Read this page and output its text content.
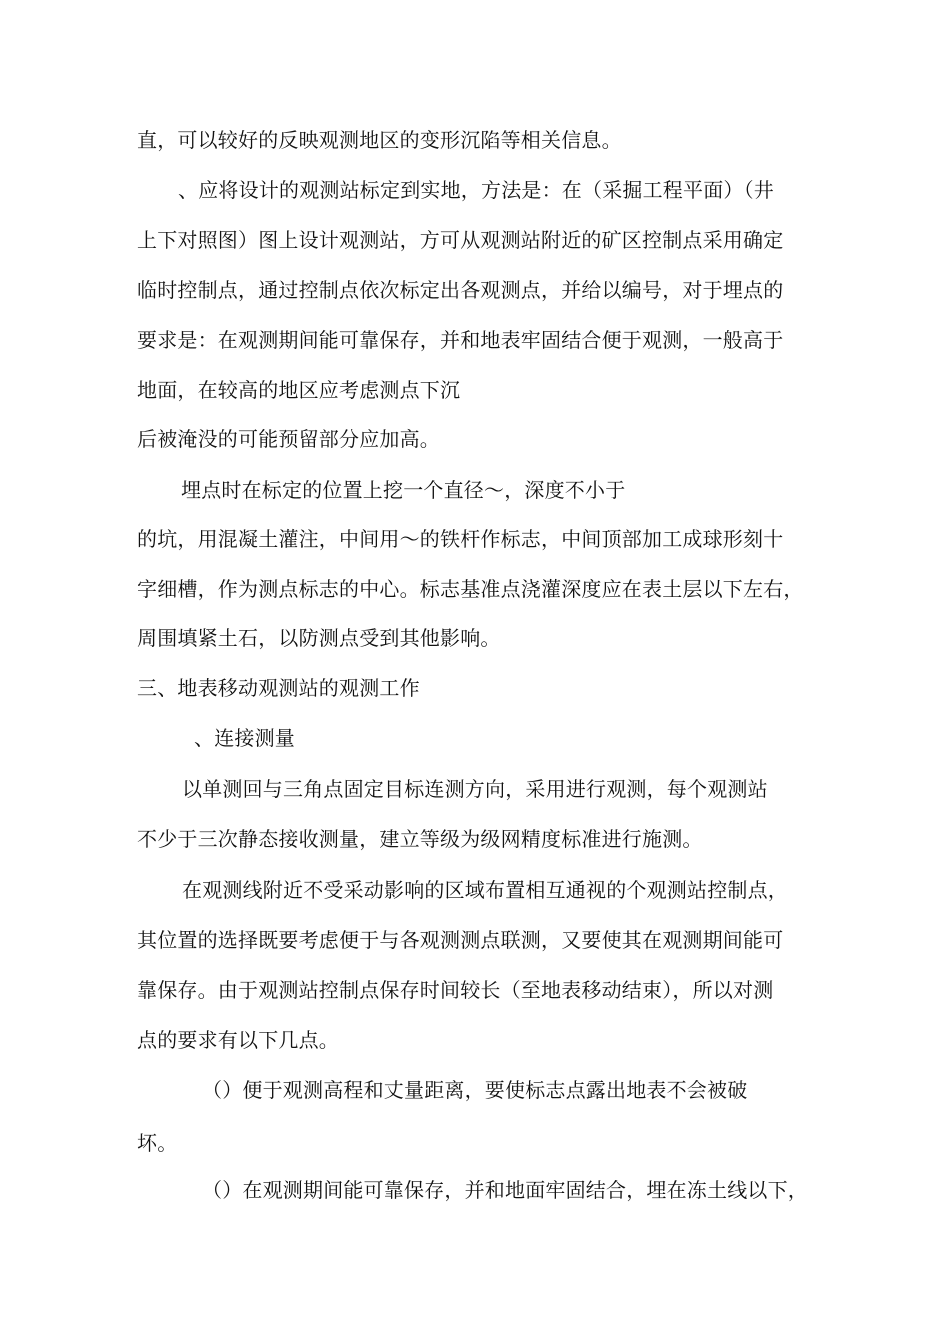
直，可以较好的反映观测地区的变形沉陷等相关信息。
、应将设计的观测站标定到实地，方法是：在（采掘工程平面）（井
上下对照图）图上设计观测站，方可从观测站附近的矿区控制点采用确定
临时控制点，通过控制点依次标定出各观测点，并给以编号，对于埋点的
要求是：在观测期间能可靠保存，并和地表牢固结合便于观测，一般高于
地面，在较高的地区应考虑测点下沉
后被淹没的可能预留部分应加高。
埋点时在标定的位置上挖一个直径～，深度不小于
的坑，用混凝土灌注，中间用～的铁杆作标志，中间顶部加工成球形刻十
字细槽，作为测点标志的中心。标志基准点浇灌深度应在表土层以下左右，
周围填紧土石，以防测点受到其他影响。
三、地表移动观测站的观测工作
、连接测量
以单测回与三角点固定目标连测方向，采用进行观测，每个观测站
不少于三次静态接收测量，建立等级为级网精度标准进行施测。
在观测线附近不受采动影响的区域布置相互通视的个观测站控制点，
其位置的选择既要考虑便于与各观测测点联测，又要使其在观测期间能可
靠保存。由于观测站控制点保存时间较长（至地表移动结束），所以对测
点的要求有以下几点。
（）便于观测高程和丈量距离，要使标志点露出地表不会被破
坏。
（）在观测期间能可靠保存，并和地面牢固结合，埋在冻土线以下，
